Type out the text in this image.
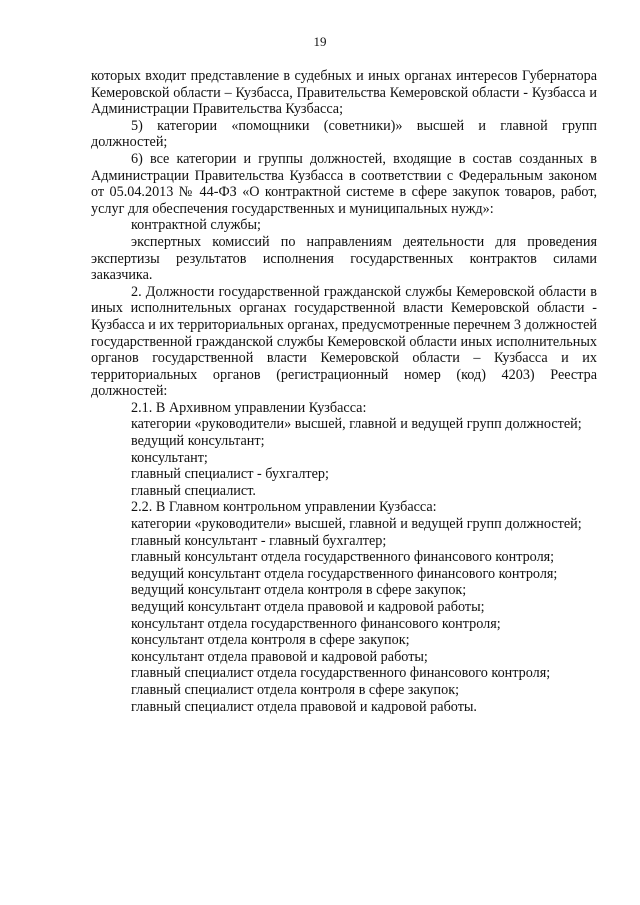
19

которых входит представление в судебных и иных органах интересов Губернатора Кемеровской области – Кузбасса, Правительства Кемеровской области - Кузбасса и Администрации Правительства Кузбасса;

5) категории «помощники (советники)» высшей и главной групп должностей;

6) все категории и группы должностей, входящие в состав созданных в Администрации Правительства Кузбасса в соответствии с Федеральным законом от 05.04.2013 № 44-ФЗ «О контрактной системе в сфере закупок товаров, работ, услуг для обеспечения государственных и муниципальных нужд»:

контрактной службы;

экспертных комиссий по направлениям деятельности для проведения экспертизы результатов исполнения государственных контрактов силами заказчика.

2. Должности государственной гражданской службы Кемеровской области в иных исполнительных органах государственной власти Кемеровской области - Кузбасса и их территориальных органах, предусмотренные перечнем 3 должностей государственной гражданской службы Кемеровской области иных исполнительных органов государственной власти Кемеровской области – Кузбасса и их территориальных органов (регистрационный номер (код) 4203) Реестра должностей:

2.1. В Архивном управлении Кузбасса:

категории «руководители» высшей, главной и ведущей групп должностей;

ведущий консультант;

консультант;

главный специалист - бухгалтер;

главный специалист.

2.2. В Главном контрольном управлении Кузбасса:

категории «руководители» высшей, главной и ведущей групп должностей;

главный консультант - главный бухгалтер;

главный консультант отдела государственного финансового контроля;

ведущий консультант отдела государственного финансового контроля;

ведущий консультант отдела контроля в сфере закупок;

ведущий консультант отдела правовой и кадровой работы;

консультант отдела государственного финансового контроля;

консультант отдела контроля в сфере закупок;

консультант отдела правовой и кадровой работы;

главный специалист отдела государственного финансового контроля;

главный специалист отдела контроля в сфере закупок;

главный специалист отдела правовой и кадровой работы.
